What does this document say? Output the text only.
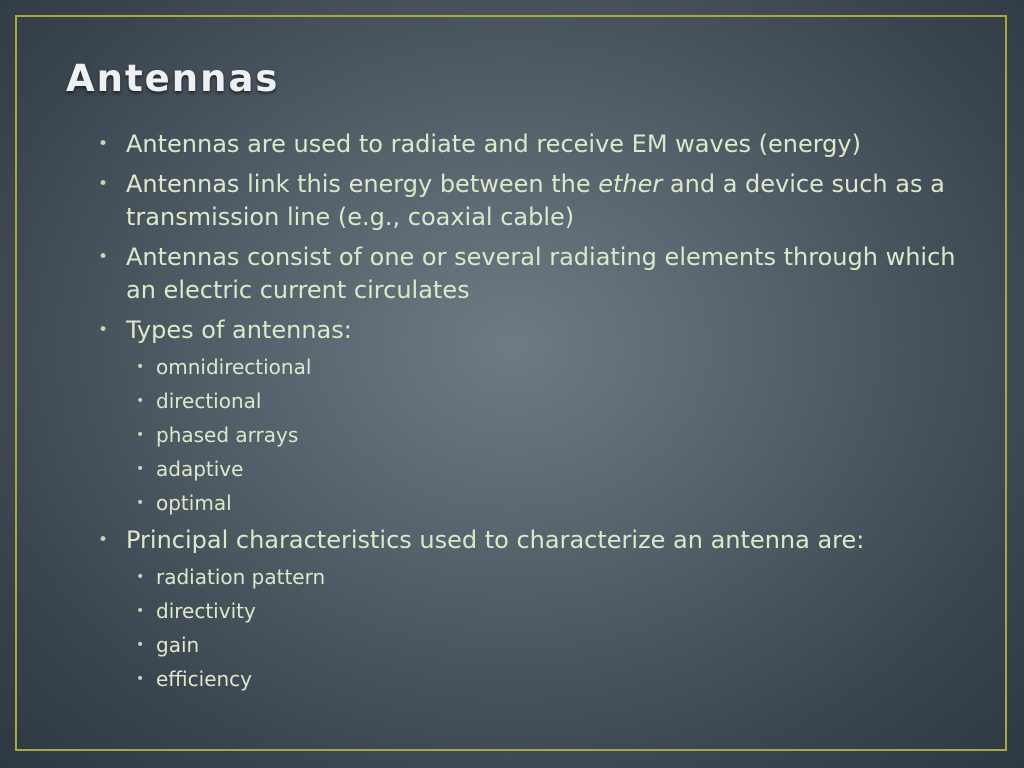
Antennas
• Antennas are used to radiate and receive EM waves (energy)
• Antennas link this energy between the ether and a device such as a transmission line (e.g., coaxial cable)
• Antennas consist of one or several radiating elements through which an electric current circulates
• Types of antennas:
• omnidirectional
• directional
• phased arrays
• adaptive
• optimal
• Principal characteristics used to characterize an antenna are:
• radiation pattern
• directivity
• gain
• efficiency
